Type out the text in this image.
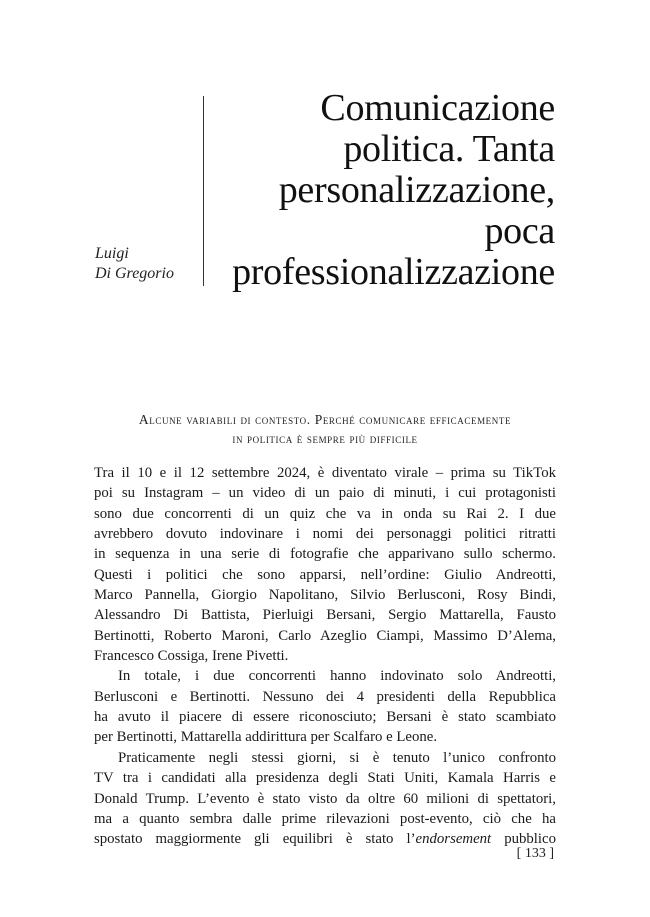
Luigi
Di Gregorio
Comunicazione
politica. Tanta
personalizzazione,
poca
professionalizzazione
Alcune variabili di contesto. Perché comunicare efficacemente
in politica è sempre più difficile
Tra il 10 e il 12 settembre 2024, è diventato virale – prima su TikTok
poi su Instagram – un video di un paio di minuti, i cui protagonisti
sono due concorrenti di un quiz che va in onda su Rai 2. I due
avrebbero dovuto indovinare i nomi dei personaggi politici ritratti
in sequenza in una serie di fotografie che apparivano sullo schermo.
Questi i politici che sono apparsi, nell’ordine: Giulio Andreotti,
Marco Pannella, Giorgio Napolitano, Silvio Berlusconi, Rosy Bindi,
Alessandro Di Battista, Pierluigi Bersani, Sergio Mattarella, Fausto
Bertinotti, Roberto Maroni, Carlo Azeglio Ciampi, Massimo D’Alema,
Francesco Cossiga, Irene Pivetti.
In totale, i due concorrenti hanno indovinato solo Andreotti,
Berlusconi e Bertinotti. Nessuno dei 4 presidenti della Repubblica
ha avuto il piacere di essere riconosciuto; Bersani è stato scambiato
per Bertinotti, Mattarella addirittura per Scalfaro e Leone.
Praticamente negli stessi giorni, si è tenuto l’unico confronto
TV tra i candidati alla presidenza degli Stati Uniti, Kamala Harris e
Donald Trump. L’evento è stato visto da oltre 60 milioni di spettatori,
ma a quanto sembra dalle prime rilevazioni post-evento, ciò che ha
spostato maggiormente gli equilibri è stato l’endorsement pubblico
[ 133 ]
